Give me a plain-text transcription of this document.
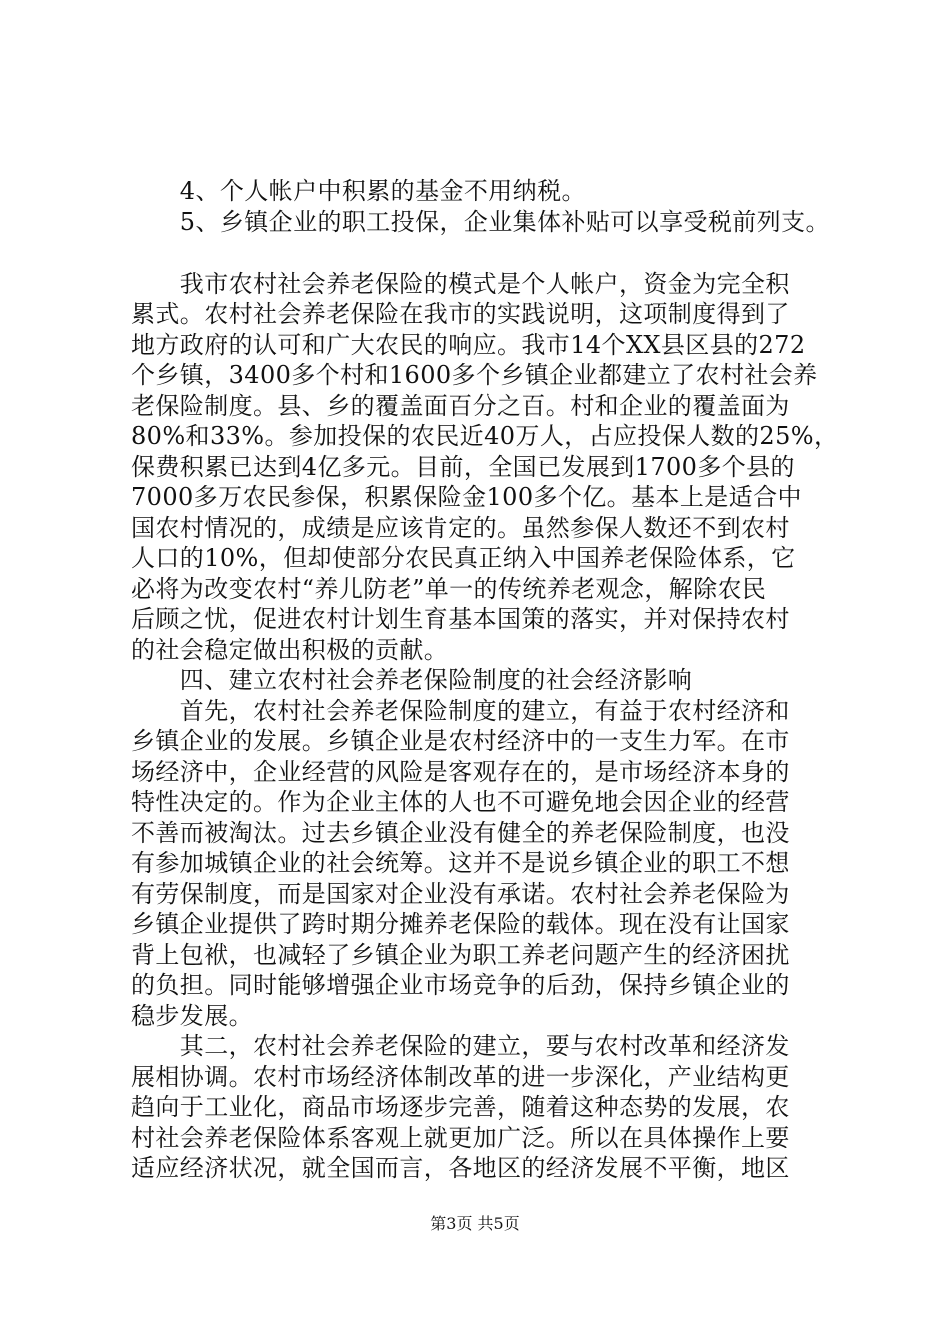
　　4、个人帐户中积累的基金不用纳税。
　　5、乡镇企业的职工投保，企业集体补贴可以享受税前列支。
　　我市农村社会养老保险的模式是个人帐户，资金为完全积
累式。农村社会养老保险在我市的实践说明，这项制度得到了
地方政府的认可和广大农民的响应。我市14个XX县区县的272
个乡镇，3400多个村和1600多个乡镇企业都建立了农村社会养
老保险制度。县、乡的覆盖面百分之百。村和企业的覆盖面为
80%和33%。参加投保的农民近40万人，占应投保人数的25%，
保费积累已达到4亿多元。目前，全国已发展到1700多个县的
7000多万农民参保，积累保险金100多个亿。基本上是适合中
国农村情况的，成绩是应该肯定的。虽然参保人数还不到农村
人口的10%，但却使部分农民真正纳入中国养老保险体系，它
必将为改变农村“养儿防老”单一的传统养老观念，解除农民
后顾之忧，促进农村计划生育基本国策的落实，并对保持农村
的社会稳定做出积极的贡献。
　　四、建立农村社会养老保险制度的社会经济影响
　　首先，农村社会养老保险制度的建立，有益于农村经济和
乡镇企业的发展。乡镇企业是农村经济中的一支生力军。在市
场经济中，企业经营的风险是客观存在的，是市场经济本身的
特性决定的。作为企业主体的人也不可避免地会因企业的经营
不善而被淘汰。过去乡镇企业没有健全的养老保险制度，也没
有参加城镇企业的社会统筹。这并不是说乡镇企业的职工不想
有劳保制度，而是国家对企业没有承诺。农村社会养老保险为
乡镇企业提供了跨时期分摊养老保险的载体。现在没有让国家
背上包袱，也减轻了乡镇企业为职工养老问题产生的经济困扰
的负担。同时能够增强企业市场竞争的后劲，保持乡镇企业的
稳步发展。
　　其二，农村社会养老保险的建立，要与农村改革和经济发
展相协调。农村市场经济体制改革的进一步深化，产业结构更
趋向于工业化，商品市场逐步完善，随着这种态势的发展，农
村社会养老保险体系客观上就更加广泛。所以在具体操作上要
适应经济状况，就全国而言，各地区的经济发展不平衡，地区
第3页 共5页
